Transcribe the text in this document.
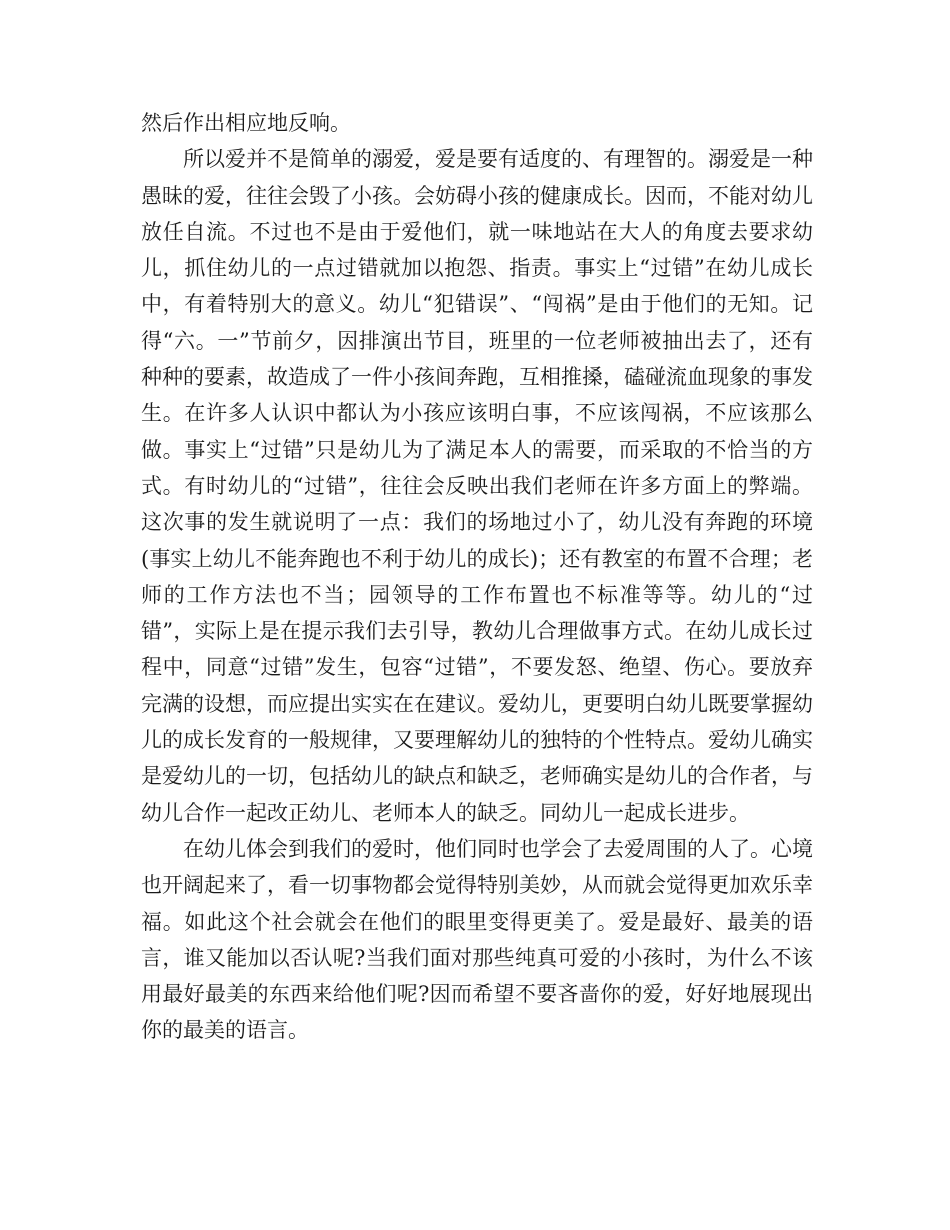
然后作出相应地反响。

所以爱并不是简单的溺爱，爱是要有适度的、有理智的。溺爱是一种愚昧的爱，往往会毁了小孩。会妨碍小孩的健康成长。因而，不能对幼儿放任自流。不过也不是由于爱他们，就一味地站在大人的角度去要求幼儿，抓住幼儿的一点过错就加以抱怨、指责。事实上“过错”在幼儿成长中，有着特别大的意义。幼儿“犯错误”、“闯祸”是由于他们的无知。记得“六。一”节前夕，因排演出节目，班里的一位老师被抽出去了，还有种种的要素，故造成了一件小孩间奔跑，互相推搡，磕碰流血现象的事发生。在许多人认识中都认为小孩应该明白事，不应该闯祸，不应该那么做。事实上“过错”只是幼儿为了满足本人的需要，而采取的不恰当的方式。有时幼儿的“过错”，往往会反映出我们老师在许多方面上的弊端。这次事的发生就说明了一点：我们的场地过小了，幼儿没有奔跑的环境(事实上幼儿不能奔跑也不利于幼儿的成长)；还有教室的布置不合理；老师的工作方法也不当；园领导的工作布置也不标准等等。幼儿的“过错”，实际上是在提示我们去引导，教幼儿合理做事方式。在幼儿成长过程中，同意“过错”发生，包容“过错”，不要发怒、绝望、伤心。要放弃完满的设想，而应提出实实在在建议。爱幼儿，更要明白幼儿既要掌握幼儿的成长发育的一般规律，又要理解幼儿的独特的个性特点。爱幼儿确实是爱幼儿的一切，包括幼儿的缺点和缺乏，老师确实是幼儿的合作者，与幼儿合作一起改正幼儿、老师本人的缺乏。同幼儿一起成长进步。

在幼儿体会到我们的爱时，他们同时也学会了去爱周围的人了。心境也开阔起来了，看一切事物都会觉得特别美妙，从而就会觉得更加欢乐幸福。如此这个社会就会在他们的眼里变得更美了。爱是最好、最美的语言，谁又能加以否认呢?当我们面对那些纯真可爱的小孩时，为什么不该用最好最美的东西来给他们呢?因而希望不要吝啬你的爱，好好地展现出你的最美的语言。
